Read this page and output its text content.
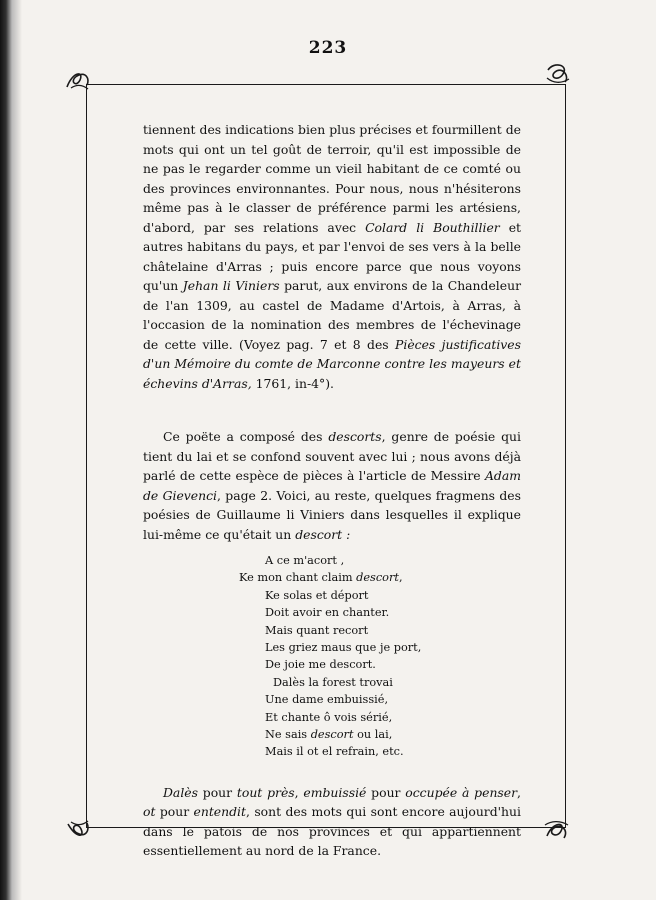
223

tiennent des indications bien plus précises et fourmillent de mots qui ont un tel goût de terroir, qu'il est impossible de ne pas le regarder comme un vieil habitant de ce comté ou des provinces environnantes. Pour nous, nous n'hésiterons même pas à le classer de préférence parmi les artésiens, d'abord, par ses relations avec Colard li Bouthillier et autres habitans du pays, et par l'envoi de ses vers à la belle châtelaine d'Arras ; puis encore parce que nous voyons qu'un Jehan li Viniers parut, aux environs de la Chandeleur de l'an 1309, au castel de Madame d'Artois, à Arras, à l'occasion de la nomination des membres de l'échevinage de cette ville. (Voyez pag. 7 et 8 des Pièces justificatives d'un Mémoire du comte de Marconne contre les mayeurs et échevins d'Arras, 1761, in-4°).

Ce poëte a composé des descorts, genre de poésie qui tient du lai et se confond souvent avec lui ; nous avons déjà parlé de cette espèce de pièces à l'article de Messire Adam de Gievenci, page 2. Voici, au reste, quelques fragmens des poésies de Guillaume li Viniers dans lesquelles il explique lui-même ce qu'était un descort :

A ce m'acort ,
Ke mon chant claim descort,
Ke solas et déport
Doit avoir en chanter.
Mais quant recort
Les griez maus que je port,
De joie me descort.
Dalès la forest trovai
Une dame embuissié,
Et chante ô vois sérié,
Ne sais descort ou lai,
Mais il ot el refrain, etc.

Dalès pour tout près, embuissié pour occupée à penser, ot pour entendit, sont des mots qui sont encore aujourd'hui dans le patois de nos provinces et qui appartiennent essentiellement au nord de la France.
